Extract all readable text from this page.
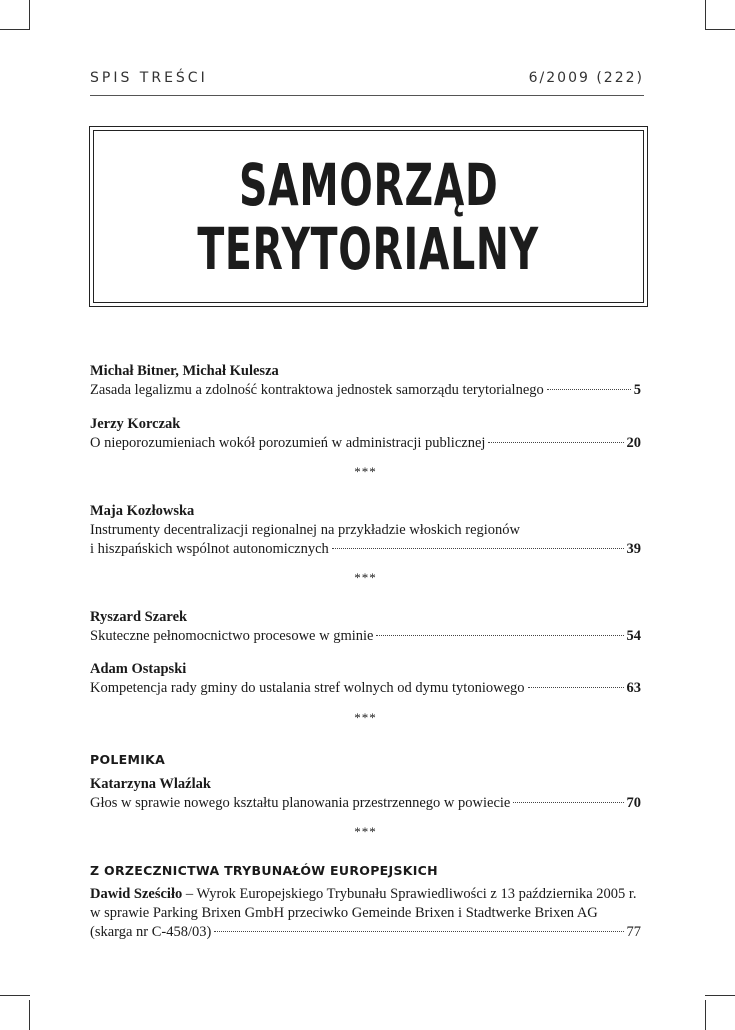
SPIS TREŚCI	6/2009 (222)
SAMORZĄD
TERYTORIALNY
Michał Bitner, Michał Kulesza
Zasada legalizmu a zdolność kontraktowa jednostek samorządu terytorialnego	5
Jerzy Korczak
O nieporozumieniach wokół porozumień w administracji publicznej	20
***
Maja Kozłowska
Instrumenty decentralizacji regionalnej na przykładzie włoskich regionów
i hiszpańskich wspólnot autonomicznych	39
***
Ryszard Szarek
Skuteczne pełnomocnictwo procesowe w gminie	54
Adam Ostapski
Kompetencja rady gminy do ustalania stref wolnych od dymu tytoniowego	63
***
POLEMIKA
Katarzyna Wlaźlak
Głos w sprawie nowego kształtu planowania przestrzennego w powiecie	70
***
Z ORZECZNICTWA TRYBUNAŁÓW EUROPEJSKICH
Dawid Sześciło – Wyrok Europejskiego Trybunału Sprawiedliwości z 13 października 2005 r.
w sprawie Parking Brixen GmbH przeciwko Gemeinde Brixen i Stadtwerke Brixen AG
(skarga nr C-458/03)	77
